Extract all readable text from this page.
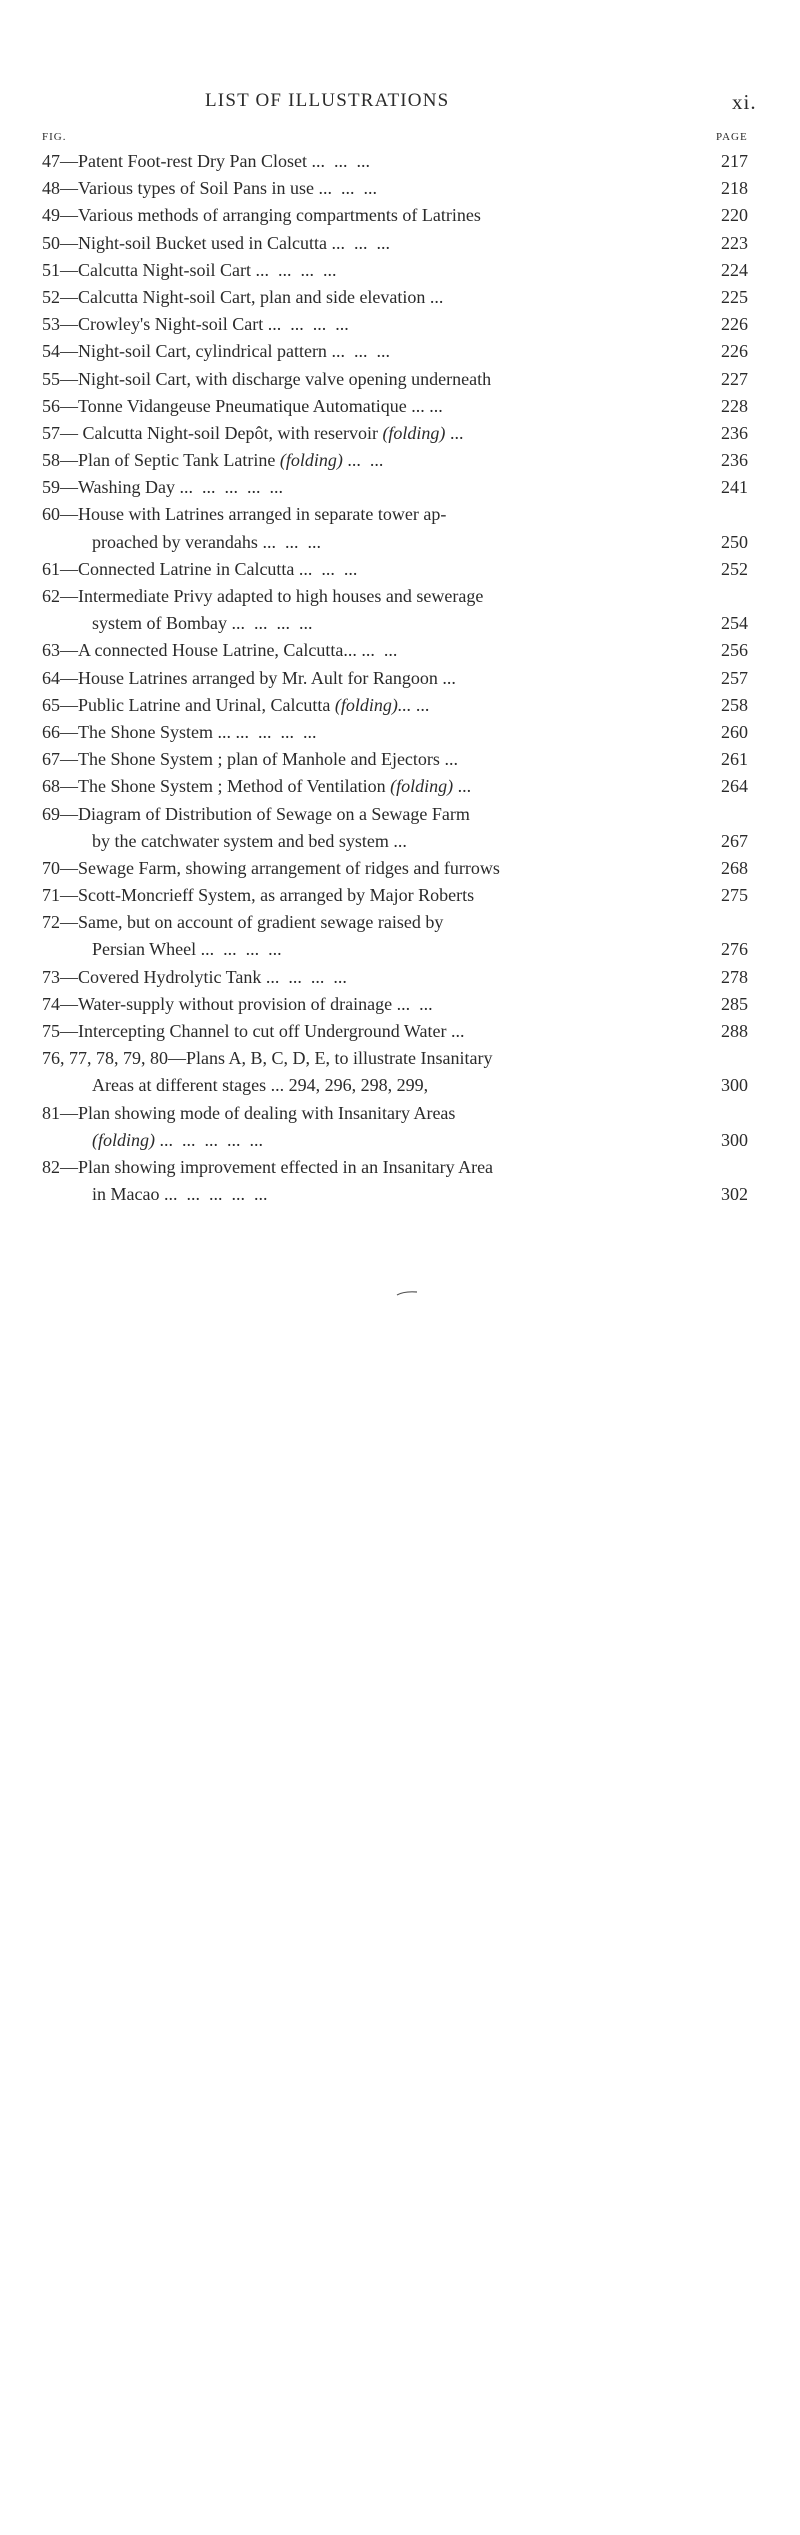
LIST OF ILLUSTRATIONS	xi.
FIG.	PAGE
47—Patent Foot-rest Dry Pan Closet ...  ...  ...	217
48—Various types of Soil Pans in use ...  ...  ...	218
49—Various methods of arranging compartments of Latrines	220
50—Night-soil Bucket used in Calcutta ...  ...  ...	223
51—Calcutta Night-soil Cart ...  ...  ...  ...	224
52—Calcutta Night-soil Cart, plan and side elevation ...	225
53—Crowley's Night-soil Cart ...  ...  ...  ...	226
54—Night-soil Cart, cylindrical pattern ...  ...  ...	226
55—Night-soil Cart, with discharge valve opening underneath	227
56—Tonne Vidangeuse Pneumatique Automatique ... ...	228
57— Calcutta Night-soil Depôt, with reservoir (folding) ...	236
58—Plan of Septic Tank Latrine (folding) ...  ...	236
59—Washing Day ...  ...  ...  ...  ...	241
60—House with Latrines arranged in separate tower ap-
proached by verandahs ...  ...  ...	250
61—Connected Latrine in Calcutta ...  ...  ...	252
62—Intermediate Privy adapted to high houses and sewerage
system of Bombay ...  ...  ...  ...	254
63—A connected House Latrine, Calcutta... ...  ...	256
64—House Latrines arranged by Mr. Ault for Rangoon ...	257
65—Public Latrine and Urinal, Calcutta (folding)... ...	258
66—The Shone System ... ...  ...  ...  ...	260
67—The Shone System ; plan of Manhole and Ejectors ...	261
68—The Shone System ; Method of Ventilation (folding) ...	264
69—Diagram of Distribution of Sewage on a Sewage Farm
by the catchwater system and bed system ...	267
70—Sewage Farm, showing arrangement of ridges and furrows	268
71—Scott-Moncrieff System, as arranged by Major Roberts	275
72—Same, but on account of gradient sewage raised by
Persian Wheel ...  ...  ...  ...	276
73—Covered Hydrolytic Tank ...  ...  ...  ...	278
74—Water-supply without provision of drainage ...  ...	285
75—Intercepting Channel to cut off Underground Water ...	288
76, 77, 78, 79, 80—Plans A, B, C, D, E, to illustrate Insanitary
Areas at different stages ... 294, 296, 298, 299,	300
81—Plan showing mode of dealing with Insanitary Areas
(folding) ...  ...  ...  ...  ...	300
82—Plan showing improvement effected in an Insanitary Area
in Macao ...  ...  ...  ...  ...	302
